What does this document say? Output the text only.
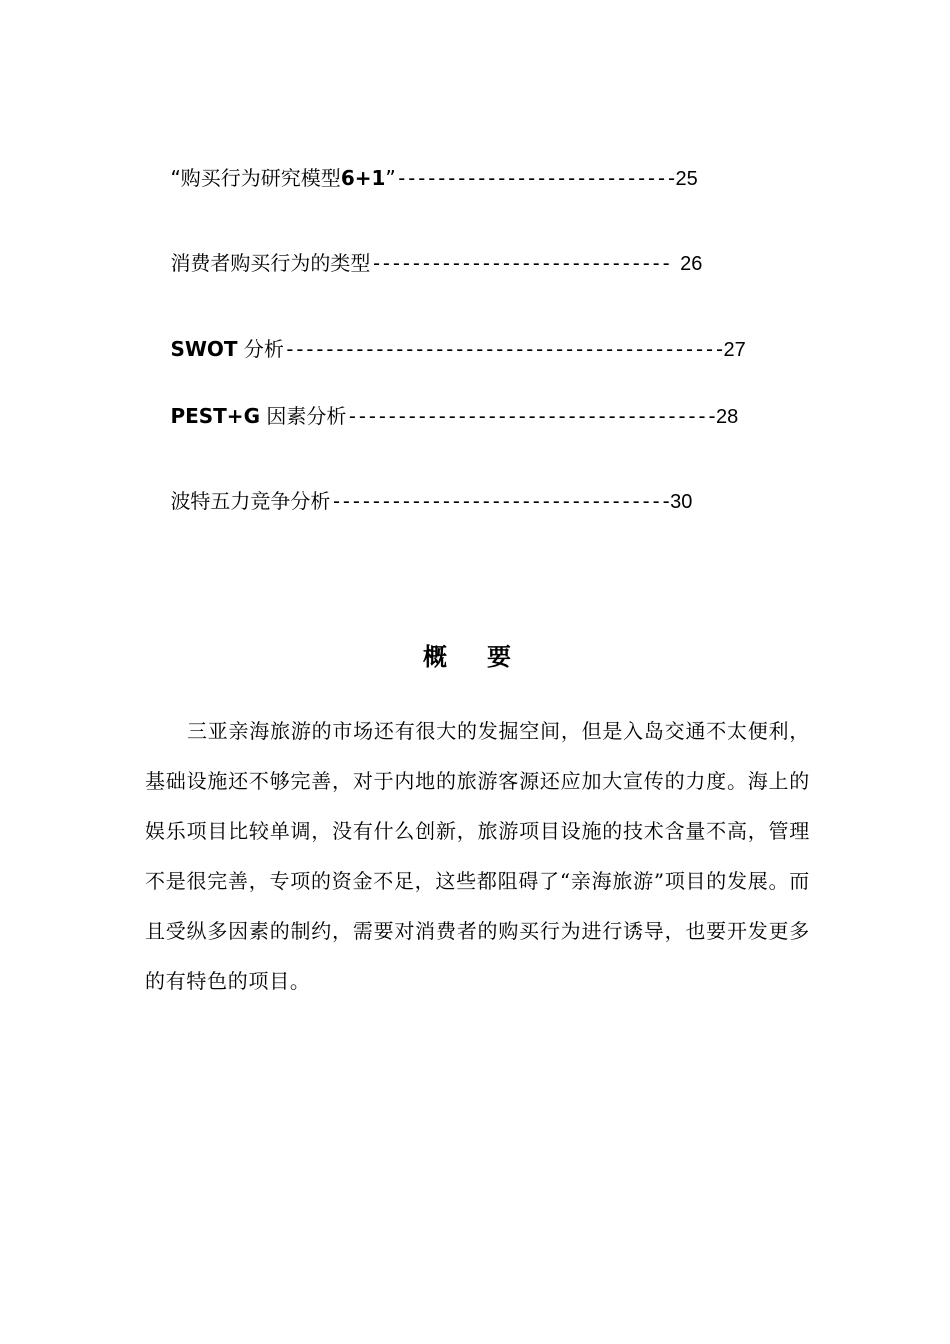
“购买行为研究模型6+1”----------------------------25

消费者购买行为的类型------------------------------ 26

SWOT 分析--------------------------------------------27

PEST+G 因素分析-------------------------------------28

波特五力竞争分析----------------------------------30

概要
三亚亲海旅游的市场还有很大的发掘空间，但是入岛交通不太便利，基础设施还不够完善，对于内地的旅游客源还应加大宣传的力度。海上的娱乐项目比较单调，没有什么创新，旅游项目设施的技术含量不高，管理不是很完善，专项的资金不足，这些都阻碍了“亲海旅游”项目的发展。而且受纵多因素的制约，需要对消费者的购买行为进行诱导，也要开发更多的有特色的项目。
